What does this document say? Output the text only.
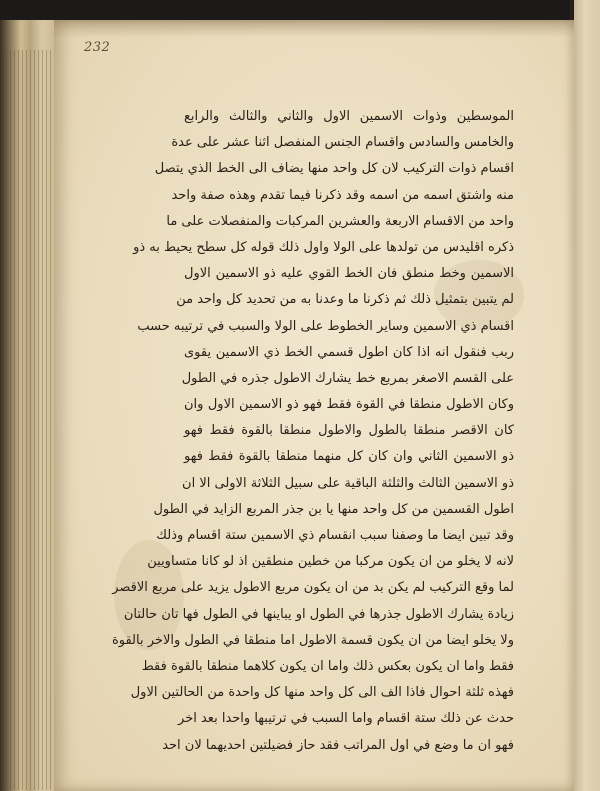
232
الموسطين وذوات الاسمين الاول والثاني والثالث والرابع
والخامس والسادس واقسام الجنس المنفصل اثنا عشر على عدة
اقسام ذوات التركيب لان كل واحد منها يضاف الى الخط الذي يتصل
منه واشتق اسمه من اسمه وقد ذكرنا فيما تقدم وهذه صفة واحد
واحد من الاقسام الاربعة والعشرين المركبات والمنفصلات على ما
ذكره اقليدس من تولدها على الولا واول ذلك قوله كل سطح يحيط به ذو
الاسمين وخط منطق فان الخط القوي عليه ذو الاسمين الاول
لم يتبين بتمثيل ذلك ثم ذكرنا ما وعدنا به من تحديد كل واحد من
اقسام ذي الاسمين وساير الخطوط على الولا والسبب في ترتيبه حسب
ربب فنقول انه اذا كان اطول قسمي الخط ذي الاسمين يقوى
على القسم الاصغر بمربع خط يشارك الاطول جذره في الطول
وكان الاطول منطقا في القوة فقط فهو ذو الاسمين الاول وان
كان الاقصر منطقا بالطول والاطول منطقا بالقوة فقط فهو
ذو الاسمين الثاني وان كان كل منهما منطقا بالقوة فقط فهو
ذو الاسمين الثالث والثلثة الباقية على سبيل الثلاثة الاولى الا ان
اطول القسمين من كل واحد منها يا بن جذر المربع الزايد في الطول
وقد تبين ايضا ما وصفنا سبب انقسام ذي الاسمين ستة اقسام وذلك
لانه لا يخلو من ان يكون مركبا من خطين منطقين اذ لو كانا متساويين
لما وقع التركيب لم يكن بد من ان يكون مربع الاطول يزيد على مربع الاقصر
زيادة يشارك الاطول جذرها في الطول او يباينها في الطول فها تان حالتان
ولا يخلو ايضا من ان يكون قسمة الاطول اما منطقا في الطول والاخر بالقوة
فقط واما ان يكون بعكس ذلك واما ان يكون كلاهما منطقا بالقوة فقط
فهذه ثلثة احوال فاذا الف الى كل واحد منها كل واحدة من الحالتين الاول
حدث عن ذلك ستة اقسام واما السبب في ترتيبها واحدا بعد اخر
فهو ان ما وضع في اول المراتب فقد حاز فضيلتين احديهما لان احد
